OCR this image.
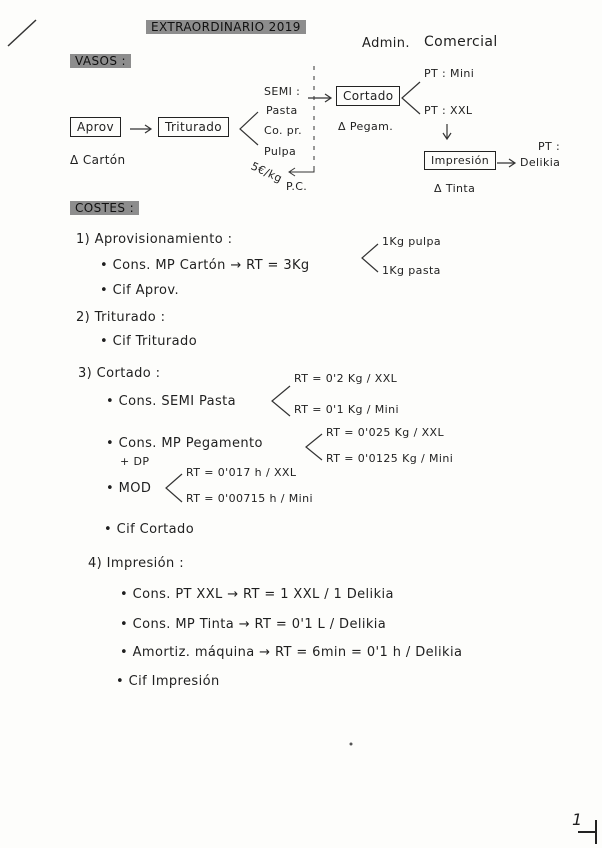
EXTRAORDINARIO 2019
Admin. Comercial
VASOS :
Aprov
Δ Cartón
Triturado
SEMI :
Pasta
Co. pr.
Pulpa
5€/kg
P.C.
Cortado
Δ Pegam.
PT : Mini
PT : XXL
Impresión
Δ Tinta
PT :
Delikia
COSTES :
1) Aprovisionamiento :
• Cons. MP Cartón → RT = 3Kg
1Kg pulpa
1Kg pasta
• Cif Aprov.
2) Triturado :
• Cif Triturado
3) Cortado :
• Cons. SEMI Pasta
RT = 0'2 Kg / XXL
RT = 0'1 Kg / Mini
• Cons. MP Pegamento
+ DP
RT = 0'025 Kg / XXL
RT = 0'0125 Kg / Mini
• MOD
RT = 0'017 h / XXL
RT = 0'00715 h / Mini
• Cif Cortado
4) Impresión :
• Cons. PT XXL → RT = 1 XXL / 1 Delikia
• Cons. MP Tinta → RT = 0'1 L / Delikia
• Amortiz. máquina → RT = 6min = 0'1 h / Delikia
• Cif Impresión
1
